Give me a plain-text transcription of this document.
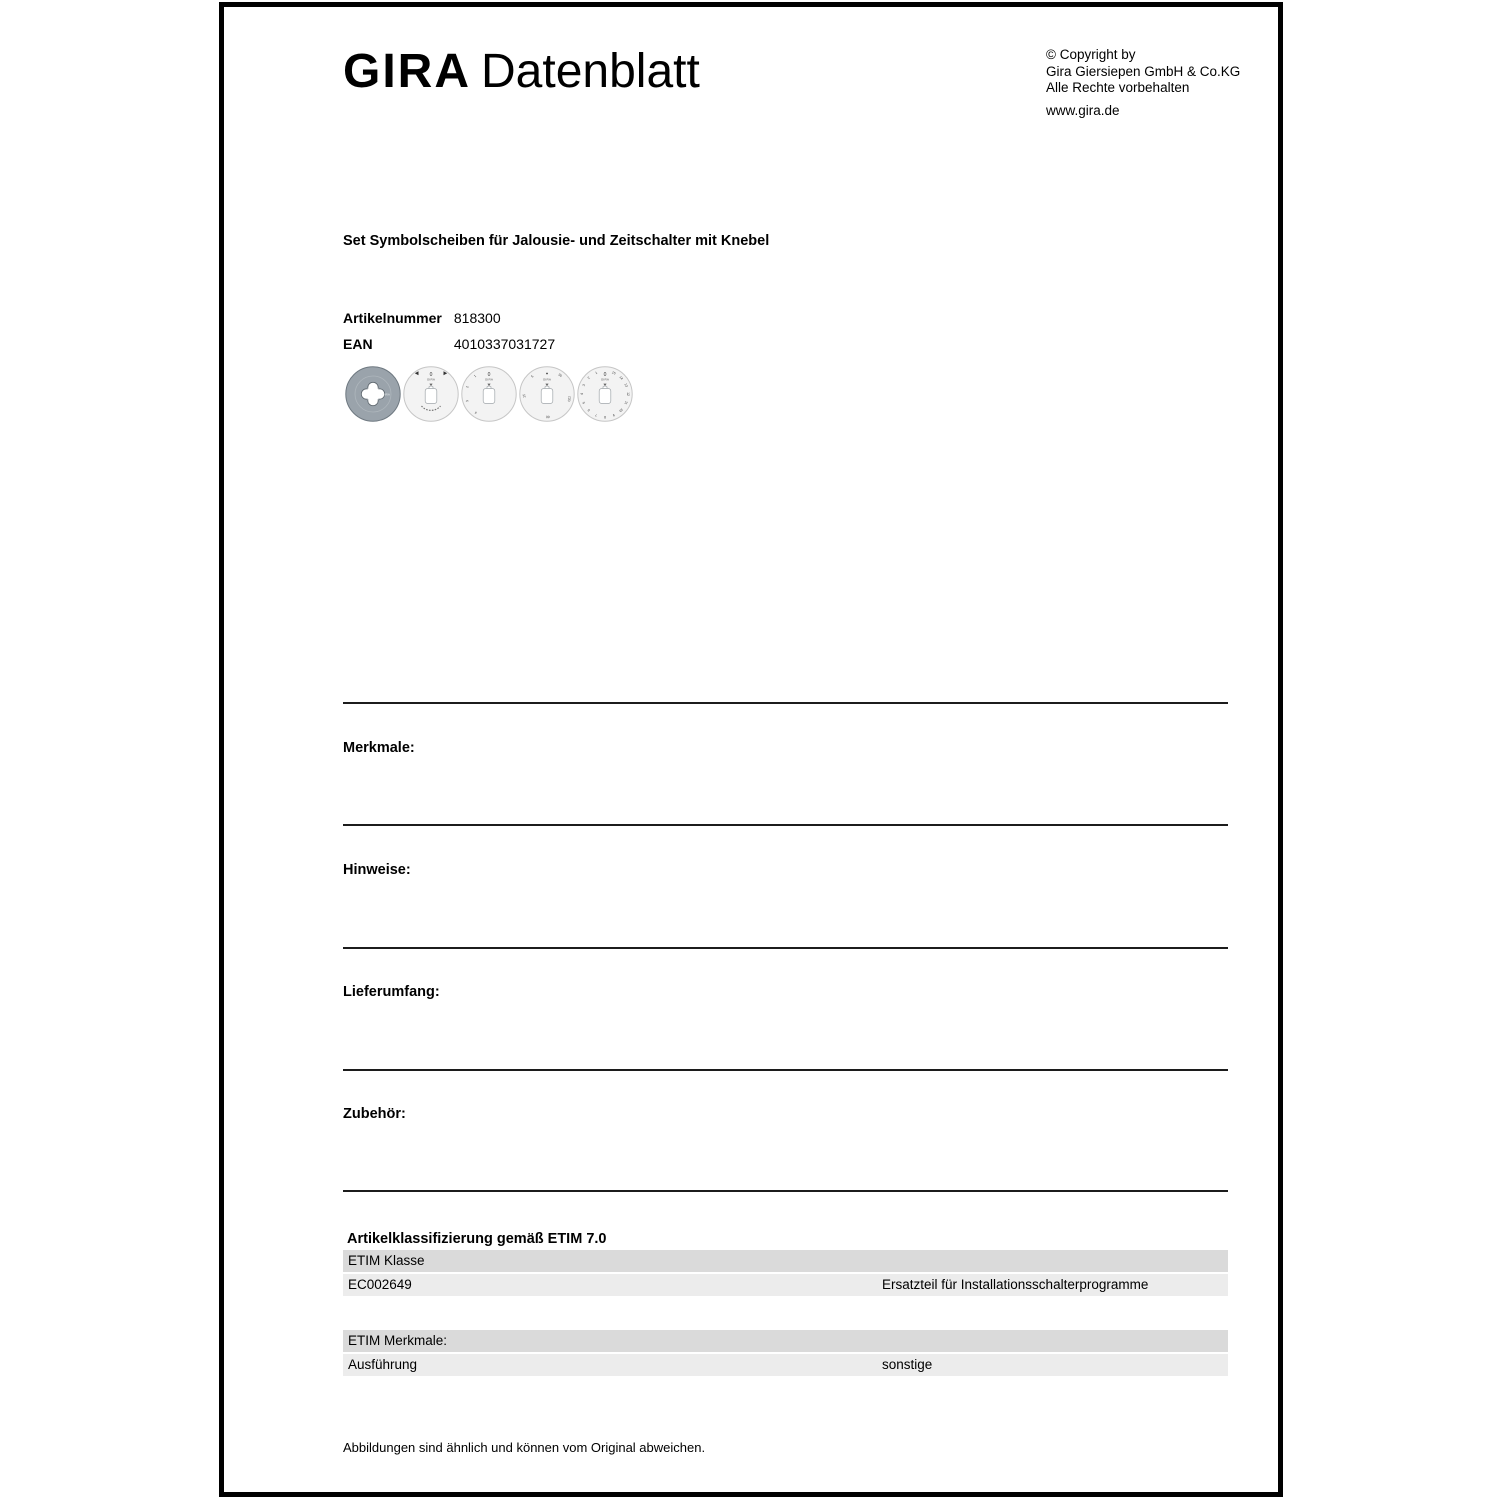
GIRA Datenblatt	© Copyright by
Gira Giersiepen GmbH & Co.KG
Alle Rechte vorbehalten
www.gira.de
Set Symbolscheiben für Jalousie- und Zeitschalter mit Knebel
Artikelnummer 818300
EAN	4010337031727
GIRA
0
GIRA
0
GIRA
1
2
3
4
GIRA
15
5	30
120
60
0
GIRA
1
2
3
4
5
6
7 8 9
10
11
12
13
14
15
Merkmale:
Hinweise:
Lieferumfang:
Zubehör:
Artikelklassifizierung gemäß ETIM 7.0
ETIM Klasse
EC002649	Ersatzteil für Installationsschalterprogramme
ETIM Merkmale:
Ausführung	sonstige
Abbildungen sind ähnlich und können vom Original abweichen.
